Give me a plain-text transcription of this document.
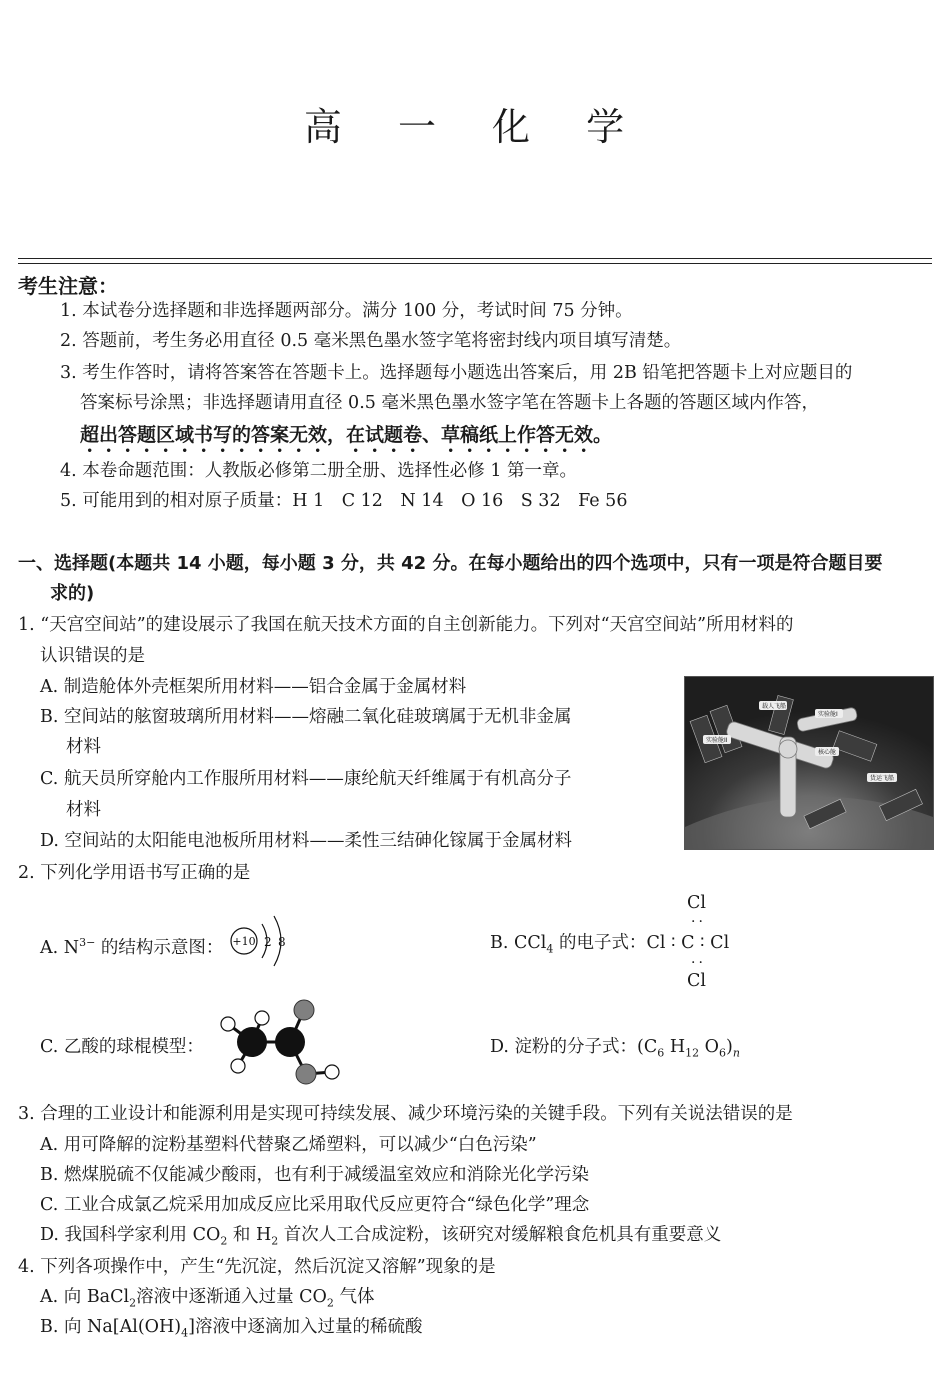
高 一 化 学
考生注意：
1. 本试卷分选择题和非选择题两部分。满分 100 分，考试时间 75 分钟。
2. 答题前，考生务必用直径 0.5 毫米黑色墨水签字笔将密封线内项目填写清楚。
3. 考生作答时，请将答案答在答题卡上。选择题每小题选出答案后，用 2B 铅笔把答题卡上对应题目的
答案标号涂黑；非选择题请用直径 0.5 毫米黑色墨水签字笔在答题卡上各题的答题区域内作答，
超出答题区域书写的答案无效，在试题卷、草稿纸上作答无效。
4. 本卷命题范围：人教版必修第二册全册、选择性必修 1 第一章。
5. 可能用到的相对原子质量：H 1　C 12　N 14　O 16　S 32　Fe 56
一、选择题(本题共 14 小题，每小题 3 分，共 42 分。在每小题给出的四个选项中，只有一项是符合题目要
求的)
1. “天宫空间站”的建设展示了我国在航天技术方面的自主创新能力。下列对“天宫空间站”所用材料的
认识错误的是
A. 制造舱体外壳框架所用材料——铝合金属于金属材料
B. 空间站的舷窗玻璃所用材料——熔融二氧化硅玻璃属于无机非金属
材料
C. 航天员所穿舱内工作服所用材料——康纶航天纤维属于有机高分子
材料
D. 空间站的太阳能电池板所用材料——柔性三结砷化镓属于金属材料
载人飞船
实验舱I
实验舱II
核心舱
货运飞船
2. 下列化学用语书写正确的是
A. $N^{3-}$ 的结构示意图： +10 2 8	B. CCl$_4$ 的电子式：Cl ∶ C ∶ Cl
Cl
··
··
Cl
C. 乙酸的球棍模型：	D. 淀粉的分子式：($C_6$ $H_{12}$ $O_6)_n$
3. 合理的工业设计和能源利用是实现可持续发展、减少环境污染的关键手段。下列有关说法错误的是
A. 用可降解的淀粉基塑料代替聚乙烯塑料，可以减少“白色污染”
B. 燃煤脱硫不仅能减少酸雨，也有利于减缓温室效应和消除光化学污染
C. 工业合成氯乙烷采用加成反应比采用取代反应更符合“绿色化学”理念
D. 我国科学家利用 $CO_2$ 和 $H_2$ 首次人工合成淀粉，该研究对缓解粮食危机具有重要意义
4. 下列各项操作中，产生“先沉淀，然后沉淀又溶解”现象的是
A. 向 BaCl$_2$溶液中逐渐通入过量 $CO_2$ 气体
B. 向 $Na[Al(OH)_4]$溶液中逐滴加入过量的稀硫酸
